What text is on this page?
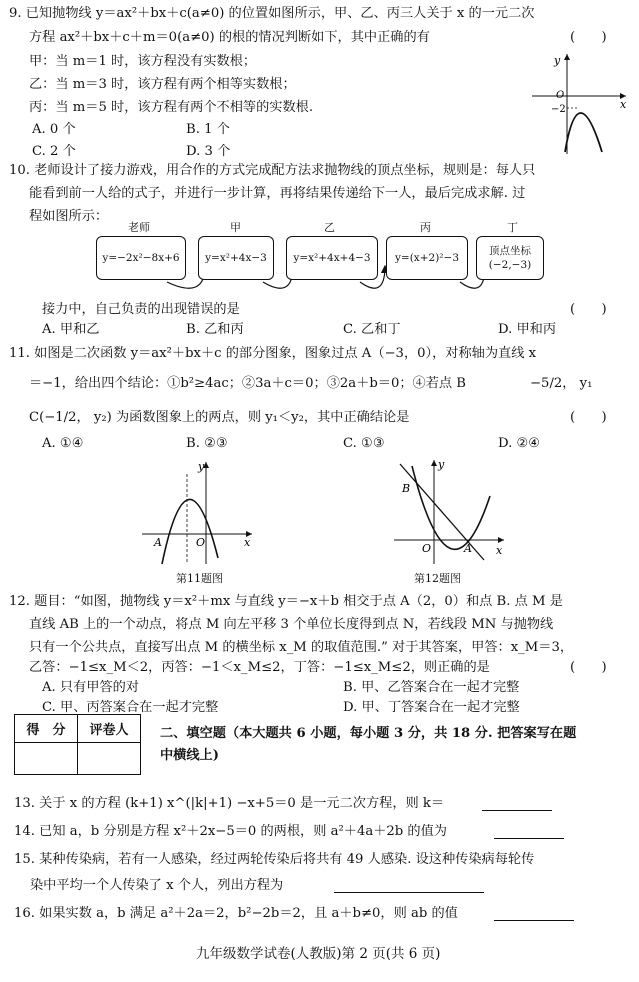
9. 已知抛物线 y＝ax²＋bx＋c(a≠0) 的位置如图所示，甲、乙、丙三人关于 x 的一元二次
方程 ax²＋bx＋c＋m＝0(a≠0) 的根的情况判断如下，其中正确的有	(　　)
甲：当 m＝1 时，该方程没有实数根；
乙：当 m＝3 时，该方程有两个相等实数根；
丙：当 m＝5 时，该方程有两个不相等的实数根.
A. 0 个	B. 1 个
C. 2 个	D. 3 个
y
x
O
−2
10. 老师设计了接力游戏，用合作的方式完成配方法求抛物线的顶点坐标，规则是：每人只
能看到前一人给的式子，并进行一步计算，再将结果传递给下一人，最后完成求解. 过
程如图所示：
老师	甲	乙	丙	丁
y=−2x²−8x+6	y=x²+4x−3	y=x²+4x+4−3	y=(x+2)²−3
顶点坐标
(−2,−3)
接力中，自己负责的出现错误的是	(　　)
A. 甲和乙	B. 乙和丙	C. 乙和丁	D. 甲和丙
11. 如图是二次函数 y＝ax²＋bx＋c 的部分图象，图象过点 A（−3，0），对称轴为直线 x
＝−1，给出四个结论：①b²≥4ac；②3a＋c＝0；③2a＋b＝0；④若点 B	−5/2， y₁
C(−1/2， y₂) 为函数图象上的两点，则 y₁＜y₂，其中正确结论是	(　　)
A. ①④	B. ②③	C. ①③	D. ②④
y
x
O
A
第11题图
y
x
O	A
B
第12题图
12. 题目：“如图，抛物线 y＝x²＋mx 与直线 y＝−x＋b 相交于点 A（2，0）和点 B. 点 M 是
直线 AB 上的一个动点，将点 M 向左平移 3 个单位长度得到点 N，若线段 MN 与抛物线
只有一个公共点，直接写出点 M 的横坐标 x_M 的取值范围.” 对于其答案，甲答：x_M＝3，
乙答：−1≤x_M＜2，丙答：−1＜x_M≤2，丁答：−1≤x_M≤2，则正确的是	(　　)
A. 只有甲答的对	B. 甲、乙答案合在一起才完整
C. 甲、丙答案合在一起才完整	D. 甲、丁答案合在一起才完整
得　分	评卷人
	二、填空题（本大题共 6 小题，每小题 3 分，共 18 分. 把答案写在题
中横线上)
13. 关于 x 的方程 (k+1) x^(|k|+1) −x+5＝0 是一元二次方程，则 k＝
14. 已知 a，b 分别是方程 x²＋2x−5＝0 的两根，则 a²＋4a＋2b 的值为
15. 某种传染病，若有一人感染，经过两轮传染后将共有 49 人感染. 设这种传染病每轮传
染中平均一个人传染了 x 个人，列出方程为
16. 如果实数 a，b 满足 a²＋2a＝2，b²−2b＝2，且 a＋b≠0，则 ab 的值
九年级数学试卷(人教版)第 2 页(共 6 页)
